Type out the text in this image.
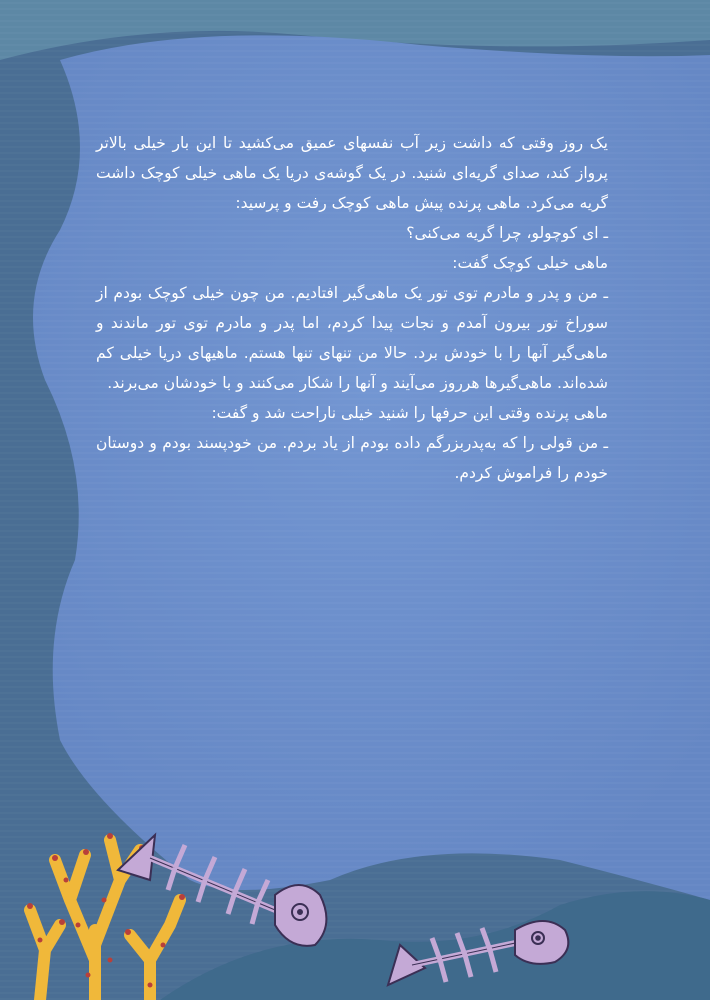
یک روز وقتی که داشت زیر آب نفسهای عمیق می‌کشید تا این بار خیلی بالاتر پرواز کند، صدای گریه‌ای شنید. در یک گوشه‌ی دریا یک ماهی خیلی کوچک داشت گریه می‌کرد. ماهی پرنده پیش ماهی کوچک رفت و پرسید:

ـ ای کوچولو، چرا گریه می‌کنی؟

ماهی خیلی کوچک گفت:

ـ من و پدر و مادرم توی تور یک ماهی‌گیر افتادیم. من چون خیلی کوچک بودم از سوراخ تور بیرون آمدم و نجات پیدا کردم، اما پدر و مادرم توی تور ماندند و ماهی‌گیر آنها را با خودش برد. حالا من تنهای تنها هستم. ماهیهای دریا خیلی کم شده‌اند. ماهی‌گیرها هرروز می‌آیند و آنها را شکار می‌کنند و با خودشان می‌برند.

ماهی پرنده وقتی این حرفها را شنید خیلی ناراحت شد و گفت:

ـ من قولی را که به‌پدربزرگم داده بودم از یاد بردم. من خودپسند بودم و دوستان خودم را فراموش کردم.
